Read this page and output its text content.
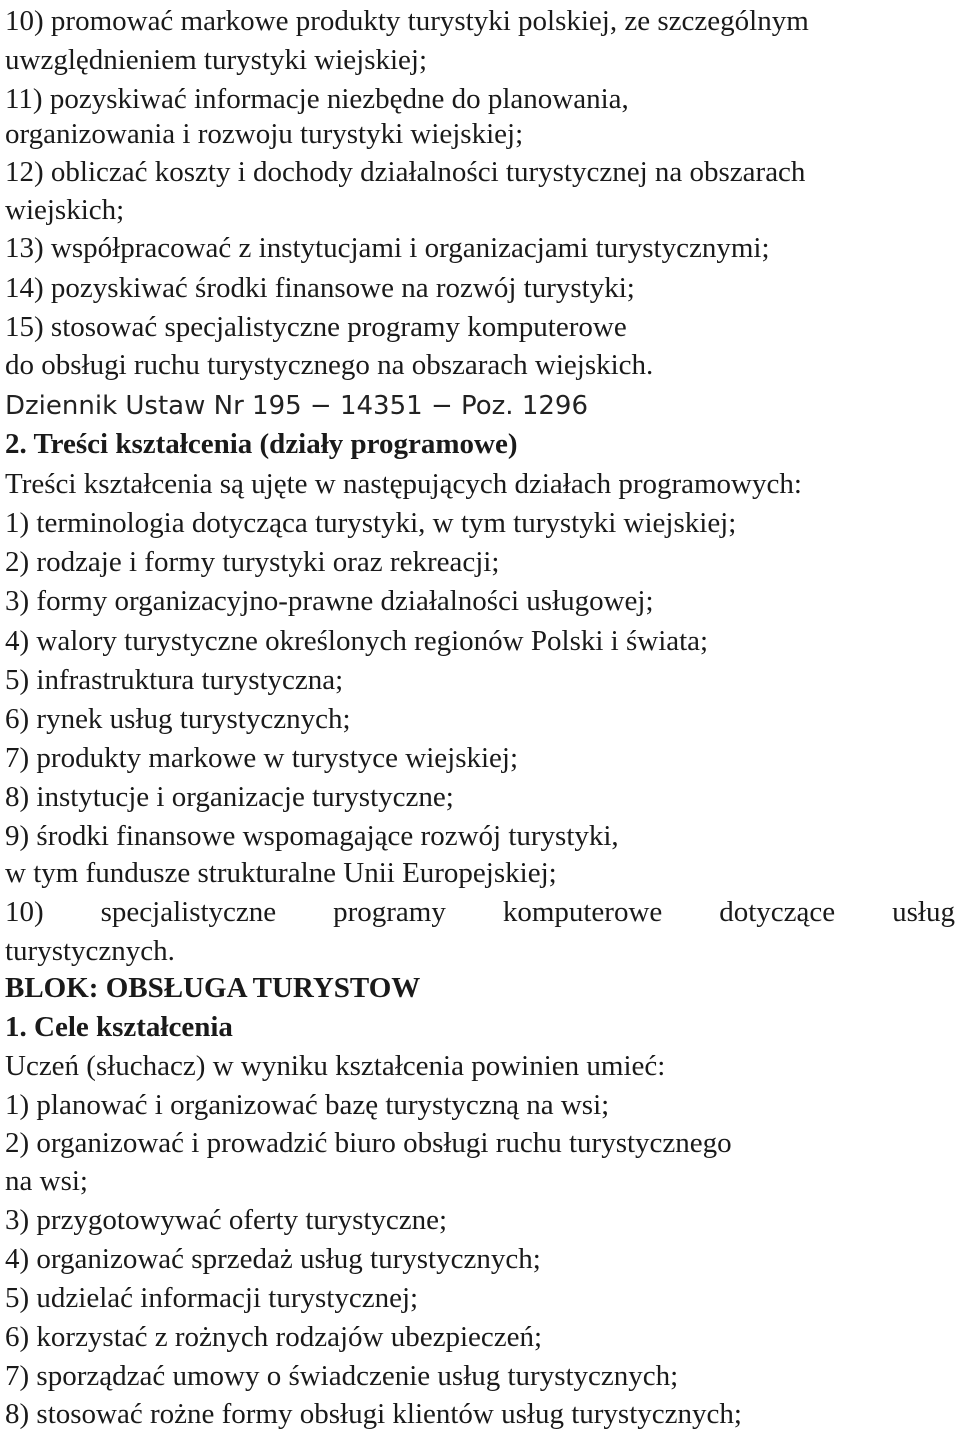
10) promować markowe produkty turystyki polskiej, ze szczególnym
uwzględnieniem turystyki wiejskiej;
11) pozyskiwać informacje niezbędne do planowania,
organizowania i rozwoju turystyki wiejskiej;
12) obliczać koszty i dochody działalności turystycznej na obszarach
wiejskich;
13) współpracować z instytucjami i organizacjami turystycznymi;
14) pozyskiwać środki finansowe na rozwój turystyki;
15) stosować specjalistyczne programy komputerowe
do obsługi ruchu turystycznego na obszarach wiejskich.
Dziennik Ustaw Nr 195 − 14351 − Poz. 1296
2. Treści kształcenia (działy programowe)
Treści kształcenia są ujęte w następujących działach programowych:
1) terminologia dotycząca turystyki, w tym turystyki wiejskiej;
2) rodzaje i formy turystyki oraz rekreacji;
3) formy organizacyjno-prawne działalności usługowej;
4) walory turystyczne określonych regionów Polski i świata;
5) infrastruktura turystyczna;
6) rynek usług turystycznych;
7) produkty markowe w turystyce wiejskiej;
8) instytucje i organizacje turystyczne;
9) środki finansowe wspomagające rozwój turystyki,
w tym fundusze strukturalne Unii Europejskiej;
10) specjalistyczne programy komputerowe dotyczące usług
turystycznych.
BLOK: OBSŁUGA TURYSTOW
1. Cele kształcenia
Uczeń (słuchacz) w wyniku kształcenia powinien umieć:
1) planować i organizować bazę turystyczną na wsi;
2) organizować i prowadzić biuro obsługi ruchu turystycznego
na wsi;
3) przygotowywać oferty turystyczne;
4) organizować sprzedaż usług turystycznych;
5) udzielać informacji turystycznej;
6) korzystać z rożnych rodzajów ubezpieczeń;
7) sporządzać umowy o świadczenie usług turystycznych;
8) stosować rożne formy obsługi klientów usług turystycznych;
